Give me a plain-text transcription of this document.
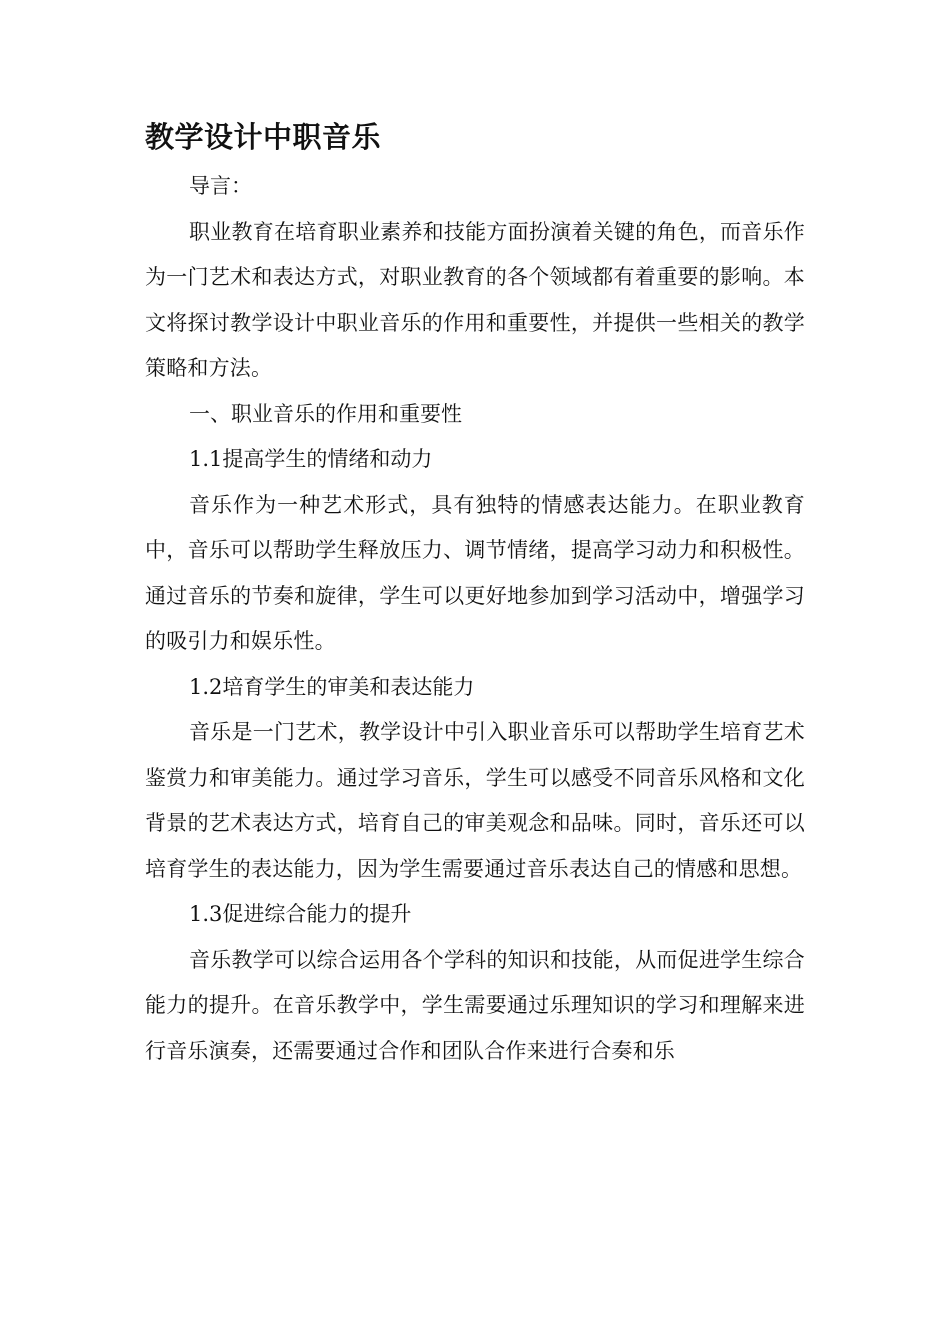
教学设计中职音乐

导言：

职业教育在培育职业素养和技能方面扮演着关键的角色，而音乐作为一门艺术和表达方式，对职业教育的各个领域都有着重要的影响。本文将探讨教学设计中职业音乐的作用和重要性，并提供一些相关的教学策略和方法。

一、职业音乐的作用和重要性

1.1提高学生的情绪和动力

音乐作为一种艺术形式，具有独特的情感表达能力。在职业教育中，音乐可以帮助学生释放压力、调节情绪，提高学习动力和积极性。通过音乐的节奏和旋律，学生可以更好地参加到学习活动中，增强学习的吸引力和娱乐性。

1.2培育学生的审美和表达能力

音乐是一门艺术，教学设计中引入职业音乐可以帮助学生培育艺术鉴赏力和审美能力。通过学习音乐，学生可以感受不同音乐风格和文化背景的艺术表达方式，培育自己的审美观念和品味。同时，音乐还可以培育学生的表达能力，因为学生需要通过音乐表达自己的情感和思想。

1.3促进综合能力的提升

音乐教学可以综合运用各个学科的知识和技能，从而促进学生综合能力的提升。在音乐教学中，学生需要通过乐理知识的学习和理解来进行音乐演奏，还需要通过合作和团队合作来进行合奏和乐
